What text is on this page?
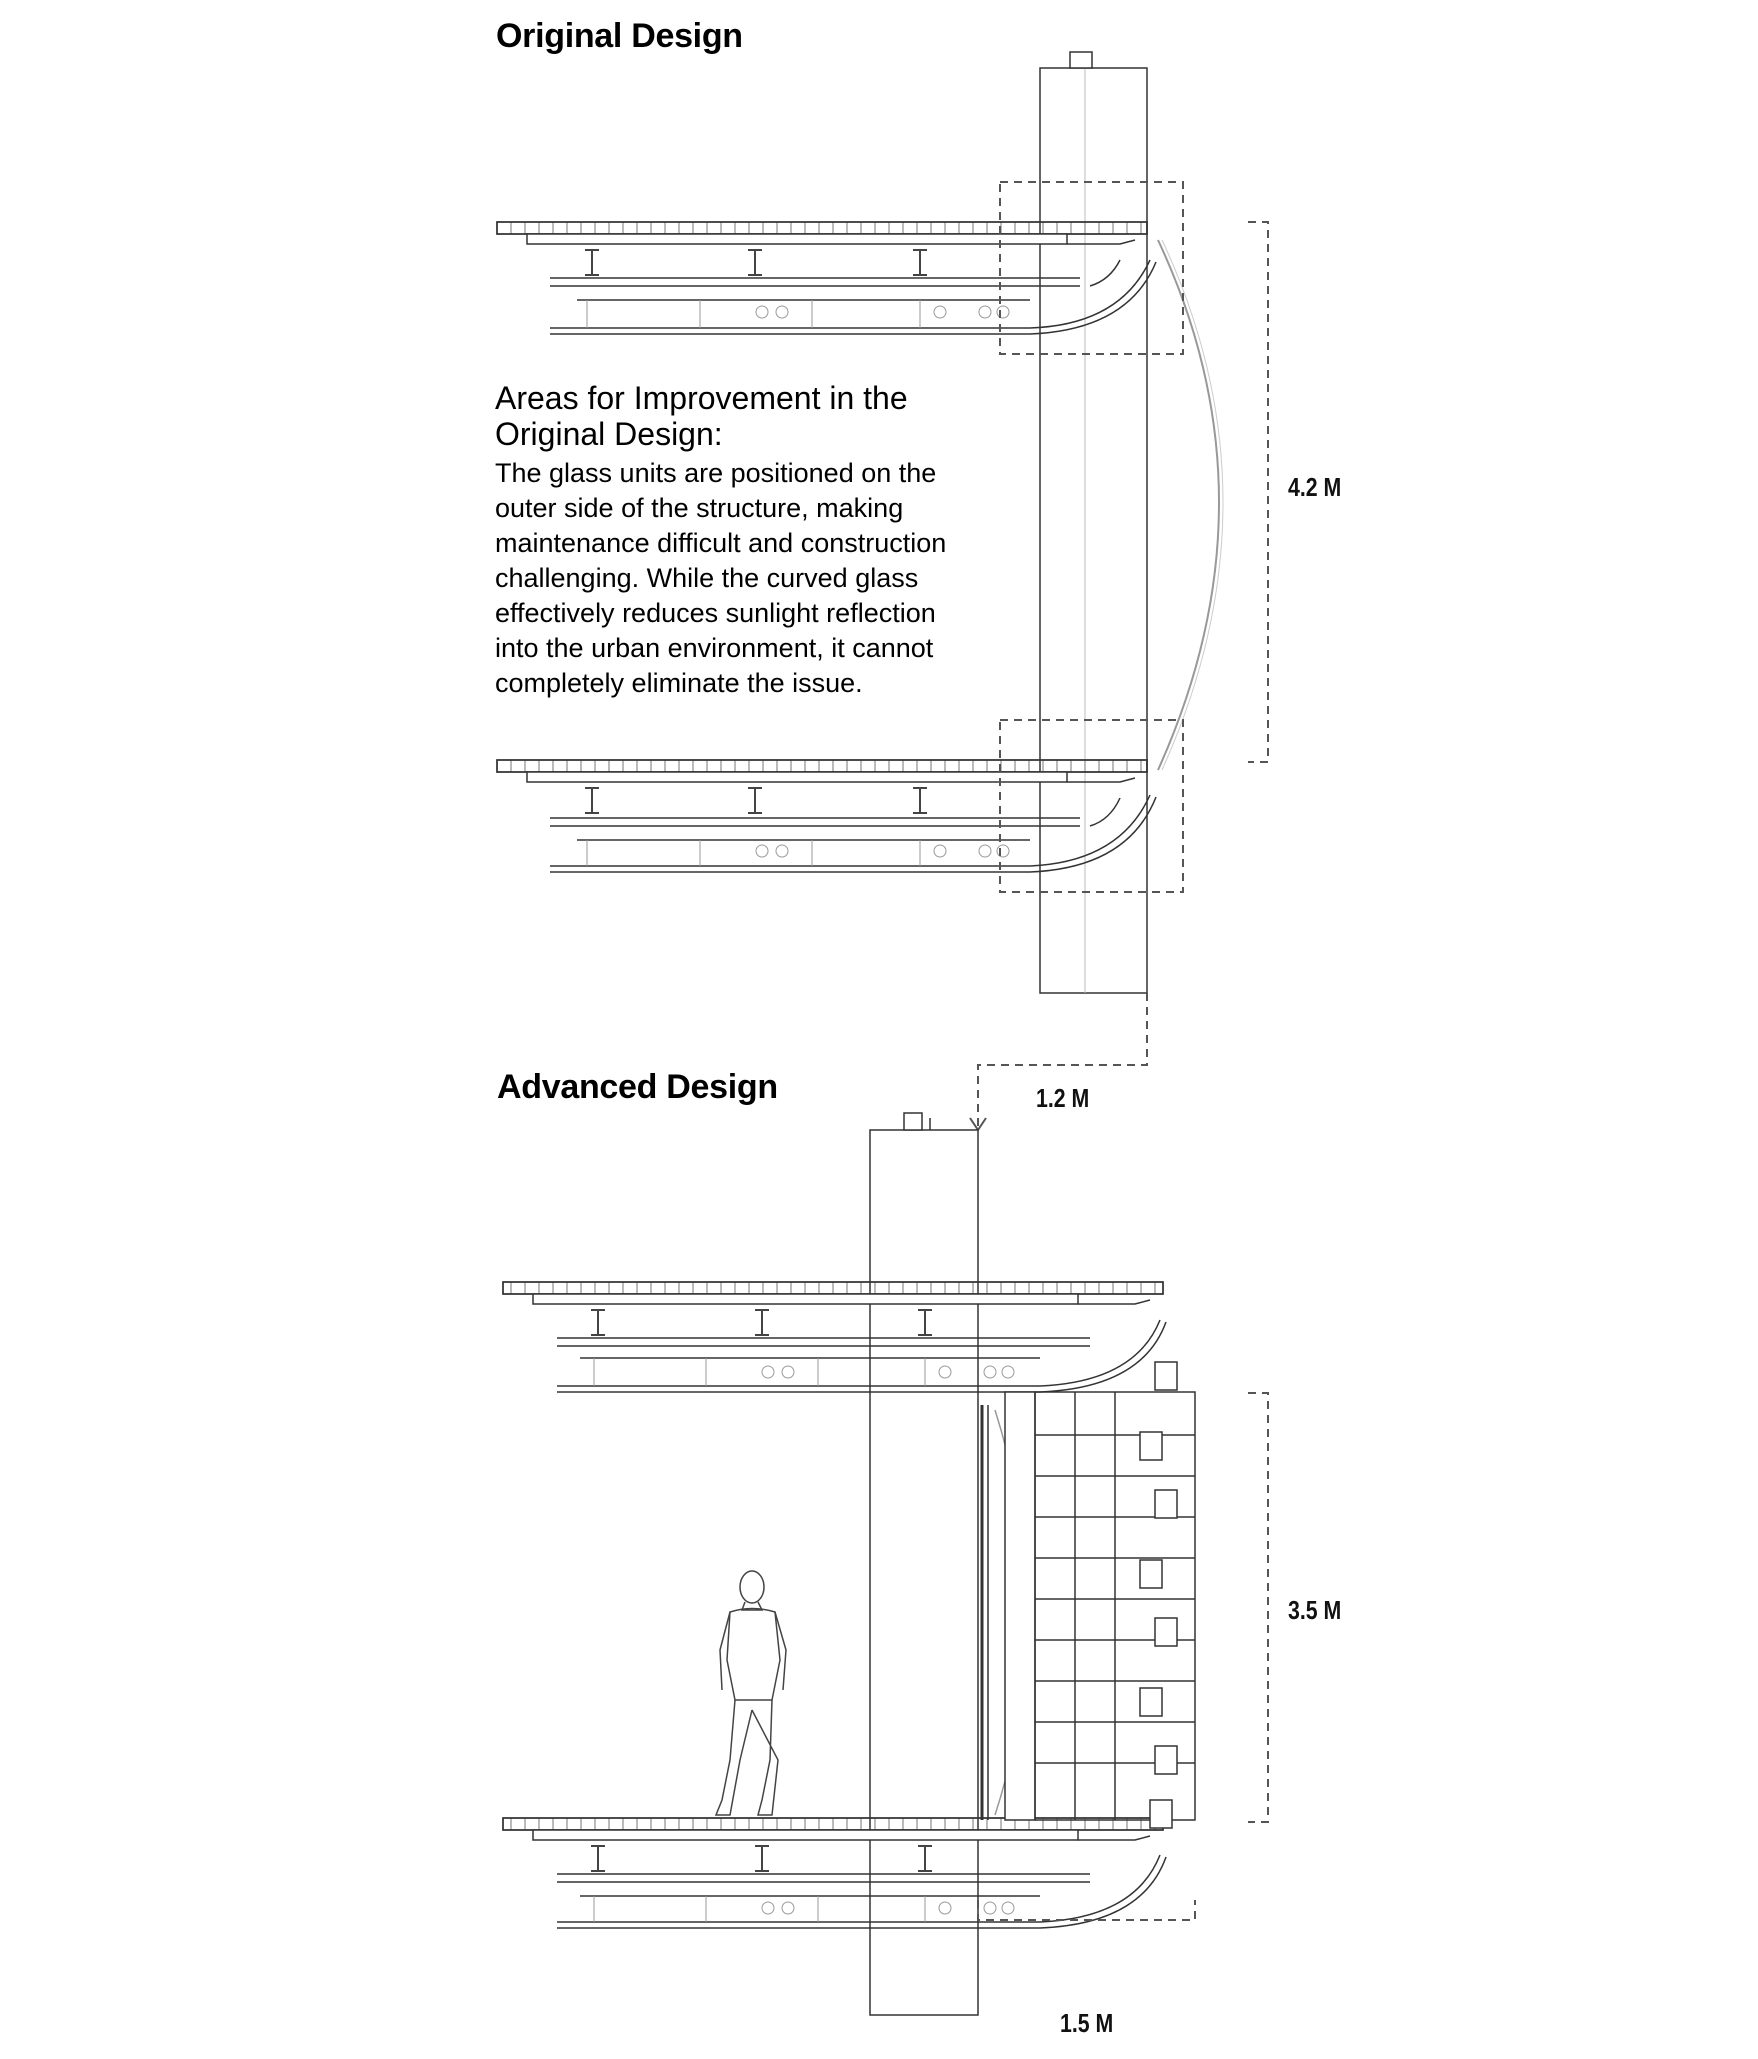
Original Design

Areas for Improvement in the
Original Design:

The glass units are positioned on the
outer side of the structure, making
maintenance difficult and construction
challenging. While the curved glass
effectively reduces sunlight reflection
into the urban environment, it cannot
completely eliminate the issue.

4.2 M
Advanced Design	1.2 M
3.5 M
1.5 M
